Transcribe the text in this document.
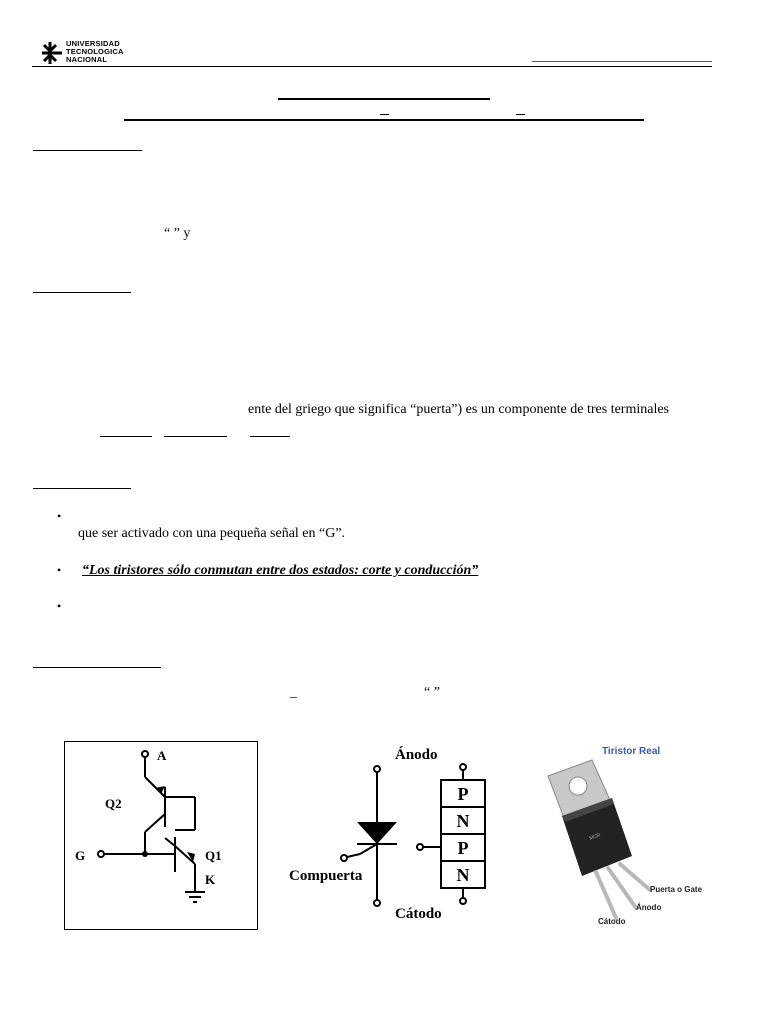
UNIVERSIDAD
TECNOLOGICA
NACIONAL
“ ” y
ente del griego que significa “puerta”) es un componente de tres terminales
•
que ser activado con una pequeña señal en “G”.
• “Los tiristores sólo conmutan entre dos estados: corte y conducción”
•
_	“ ”
A
Q2
G	Q1
K
Ánodo
Compuerta
Cátodo
P
N
P
N
Tiristor Real
MCR
Puerta o Gate
Ánodo
Cátodo
